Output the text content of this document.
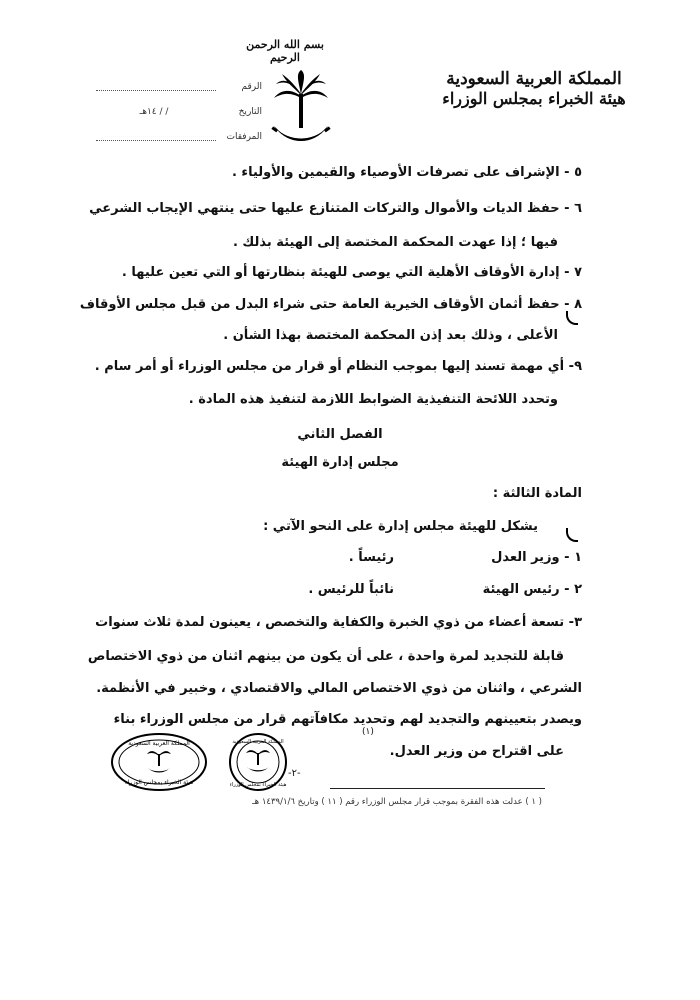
بسم الله الرحمن الرحيم
المملكة العربية السعودية
هيئة الخبراء بمجلس الوزراء
الرقم
التاريخ
/ / ١٤هـ
المرفقات
٥ - الإشراف على تصرفات الأوصياء والقيمين والأولياء .
٦ - حفظ الديات والأموال والتركات المتنازع عليها حتى ينتهي الإيجاب الشرعي
فيها ؛ إذا عهدت المحكمة المختصة إلى الهيئة بذلك .
٧ - إدارة الأوقاف الأهلية التي يوصى للهيئة بنظارتها أو التي تعين عليها .
٨ - حفظ أثمان الأوقاف الخيرية العامة حتى شراء البدل من قبل مجلس الأوقاف
الأعلى ، وذلك بعد إذن المحكمة المختصة بهذا الشأن .
٩- أي مهمة تسند إليها بموجب النظام أو قرار من مجلس الوزراء أو أمر سام .
وتحدد اللائحة التنفيذية الضوابط اللازمة لتنفيذ هذه المادة .
الفصل الثاني
مجلس إدارة الهيئة
المادة الثالثة :
يشكل للهيئة مجلس إدارة على النحو الآتي :
١ - وزير العدل
رئيساً .
٢ - رئيس الهيئة
نائباً للرئيس .
٣- تسعة أعضاء من ذوي الخبرة والكفاية والتخصص ، يعينون لمدة ثلاث سنوات
قابلة للتجديد لمرة واحدة ، على أن يكون من بينهم اثنان من ذوي الاختصاص
الشرعي ، واثنان من ذوي الاختصاص المالي والاقتصادي ، وخبير في الأنظمة.
ويصدر بتعيينهم والتجديد لهم وتحديد مكافآتهم قرار من مجلس الوزراء بناء
على اقتراح من وزير العدل.
(١)
المملكة العربية السعودية
هيئة الخبراء بمجلس الوزراء
المملكة العربية السعودية
هيئة الخبراء بمجلس الوزراء
-٢-
( ١ ) عدلت هذه الفقرة بموجب قرار مجلس الوزراء رقم ( ١١ ) وتاريخ ١٤٣٩/١/٦ هـ
